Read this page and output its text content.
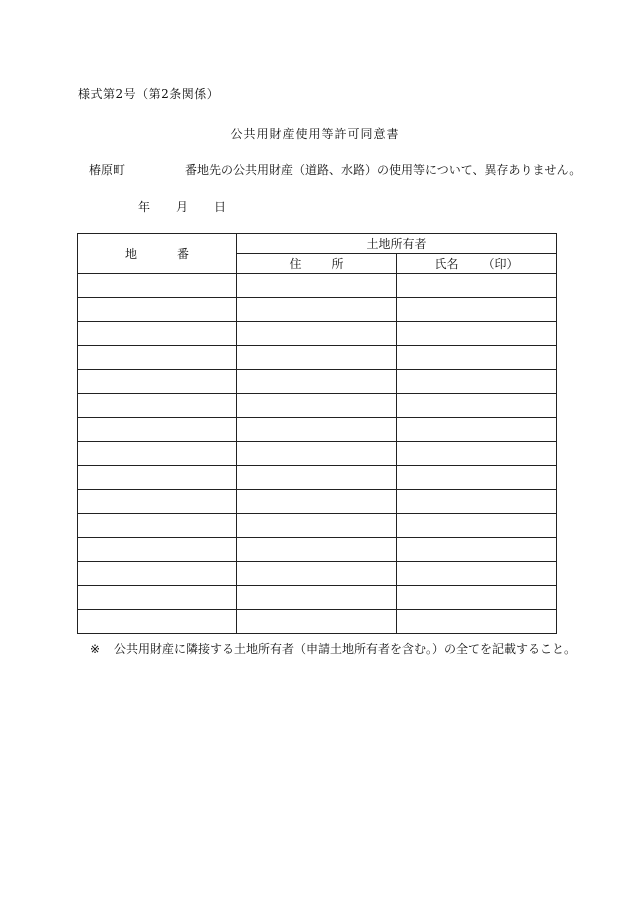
様式第2号（第2条関係）
公共用財産使用等許可同意書
椿原町	番地先の公共用財産（道路、水路）の使用等について、異存ありません。
年 月 日
地番	土地所有者	
	住所	氏名 （印）

※ 公共用財産に隣接する土地所有者（申請土地所有者を含む。）の全てを記載すること。
